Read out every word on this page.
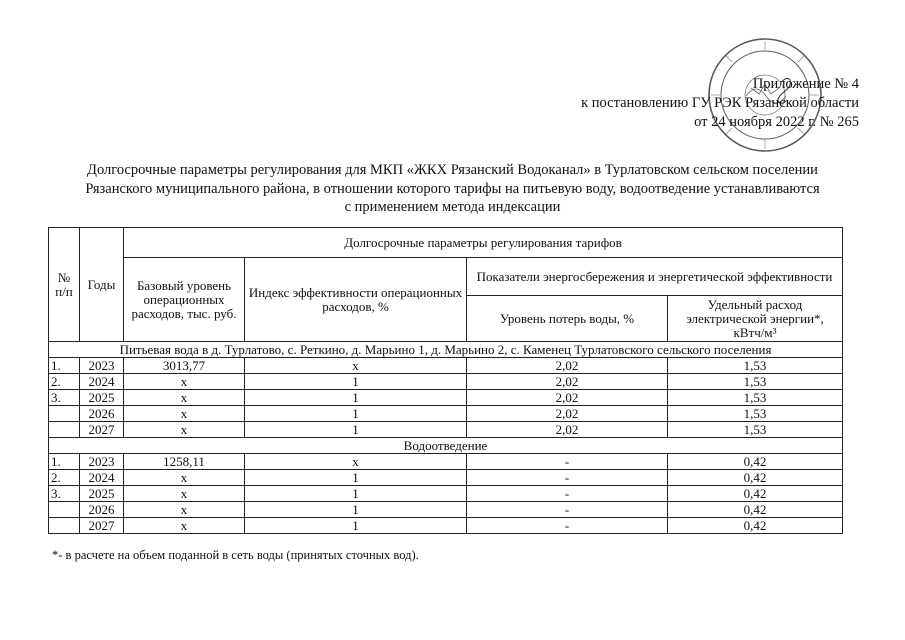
Приложение № 4
к постановлению ГУ РЭК Рязанской области
от 24 ноября 2022 г. № 265
Долгосрочные параметры регулирования для МКП «ЖКХ Рязанский Водоканал» в Турлатовском сельском поселении
Рязанского муниципального района, в отношении которого тарифы на питьевую воду, водоотведение устанавливаются
с применением метода индексации
№ п/п	Годы	Долгосрочные параметры регулирования тарифов			
		Базовый уровень операционных расходов, тыс. руб.	Индекс эффективности операционных расходов, %	Показатели энергосбережения и энергетической эффективности	
				Уровень потерь воды, %	Удельный расход электрической энергии*, кВтч/м³
Питьевая вода в д. Турлатово, с. Реткино, д. Марьино 1, д. Марьино 2, с. Каменец Турлатовского сельского поселения					
1.	2023	3013,77	х	2,02	1,53
2.	2024	х	1	2,02	1,53
3.	2025	х	1	2,02	1,53
	2026	х	1	2,02	1,53
	2027	х	1	2,02	1,53
Водоотведение					
1.	2023	1258,11	х	-	0,42
2.	2024	х	1	-	0,42
3.	2025	х	1	-	0,42
	2026	х	1	-	0,42
	2027	х	1	-	0,42
*- в расчете на объем поданной в сеть воды (принятых сточных вод).
